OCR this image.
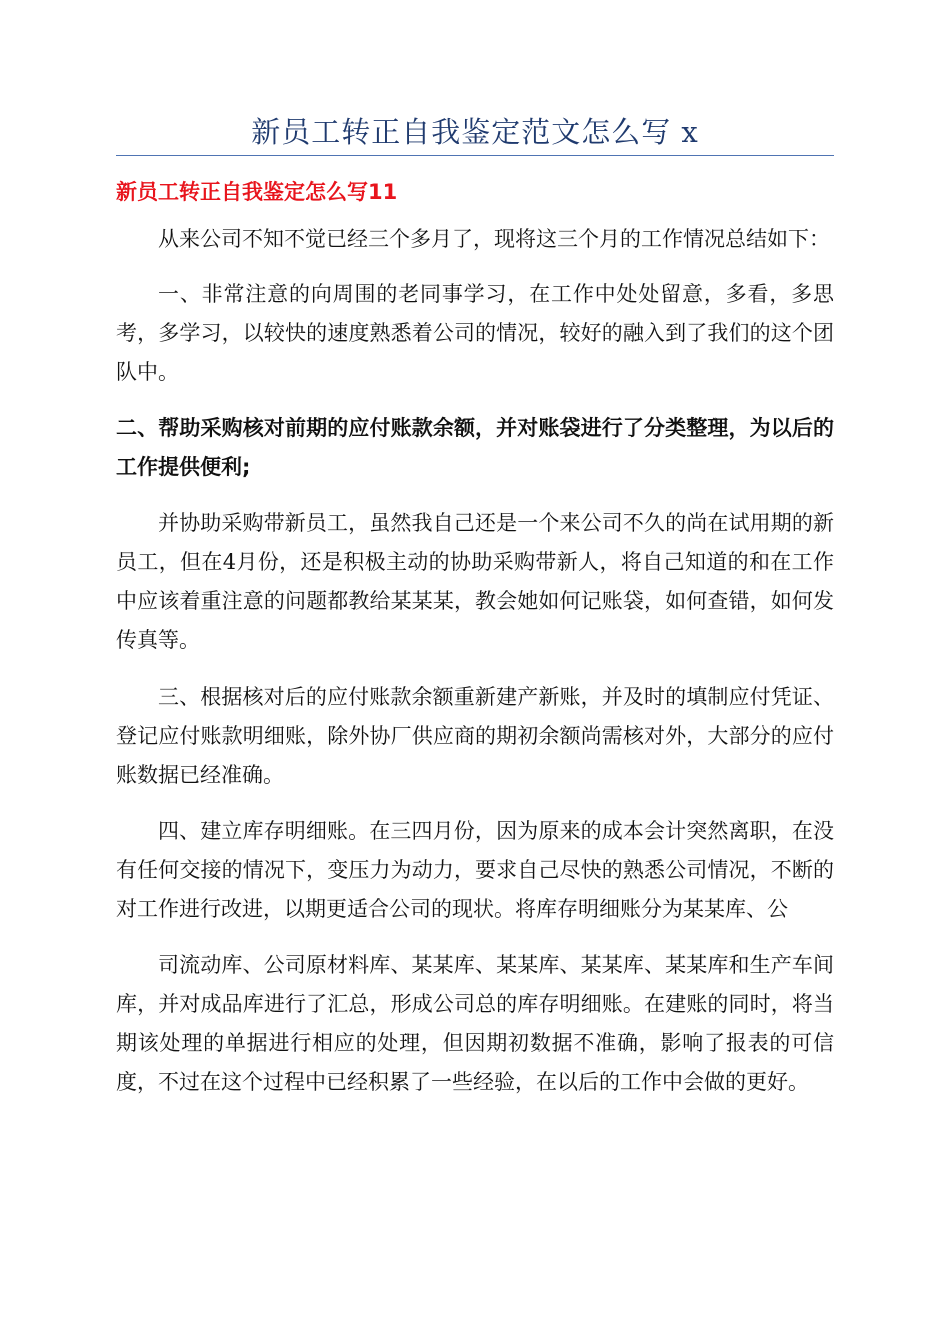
新员工转正自我鉴定范文怎么写 x
新员工转正自我鉴定怎么写11

从来公司不知不觉已经三个多月了，现将这三个月的工作情况总结如下：

一、非常注意的向周围的老同事学习，在工作中处处留意，多看，多思考，多学习，以较快的速度熟悉着公司的情况，较好的融入到了我们的这个团队中。

二、帮助采购核对前期的应付账款余额，并对账袋进行了分类整理，为以后的工作提供便利;

并协助采购带新员工，虽然我自己还是一个来公司不久的尚在试用期的新员工，但在4月份，还是积极主动的协助采购带新人，将自己知道的和在工作中应该着重注意的问题都教给某某某，教会她如何记账袋，如何查错，如何发传真等。

三、根据核对后的应付账款余额重新建产新账，并及时的填制应付凭证、登记应付账款明细账，除外协厂供应商的期初余额尚需核对外，大部分的应付账数据已经准确。

四、建立库存明细账。在三四月份，因为原来的成本会计突然离职，在没有任何交接的情况下，变压力为动力，要求自己尽快的熟悉公司情况，不断的对工作进行改进，以期更适合公司的现状。将库存明细账分为某某库、公

司流动库、公司原材料库、某某库、某某库、某某库、某某库和生产车间库，并对成品库进行了汇总，形成公司总的库存明细账。在建账的同时，将当期该处理的单据进行相应的处理，但因期初数据不准确，影响了报表的可信度，不过在这个过程中已经积累了一些经验，在以后的工作中会做的更好。
